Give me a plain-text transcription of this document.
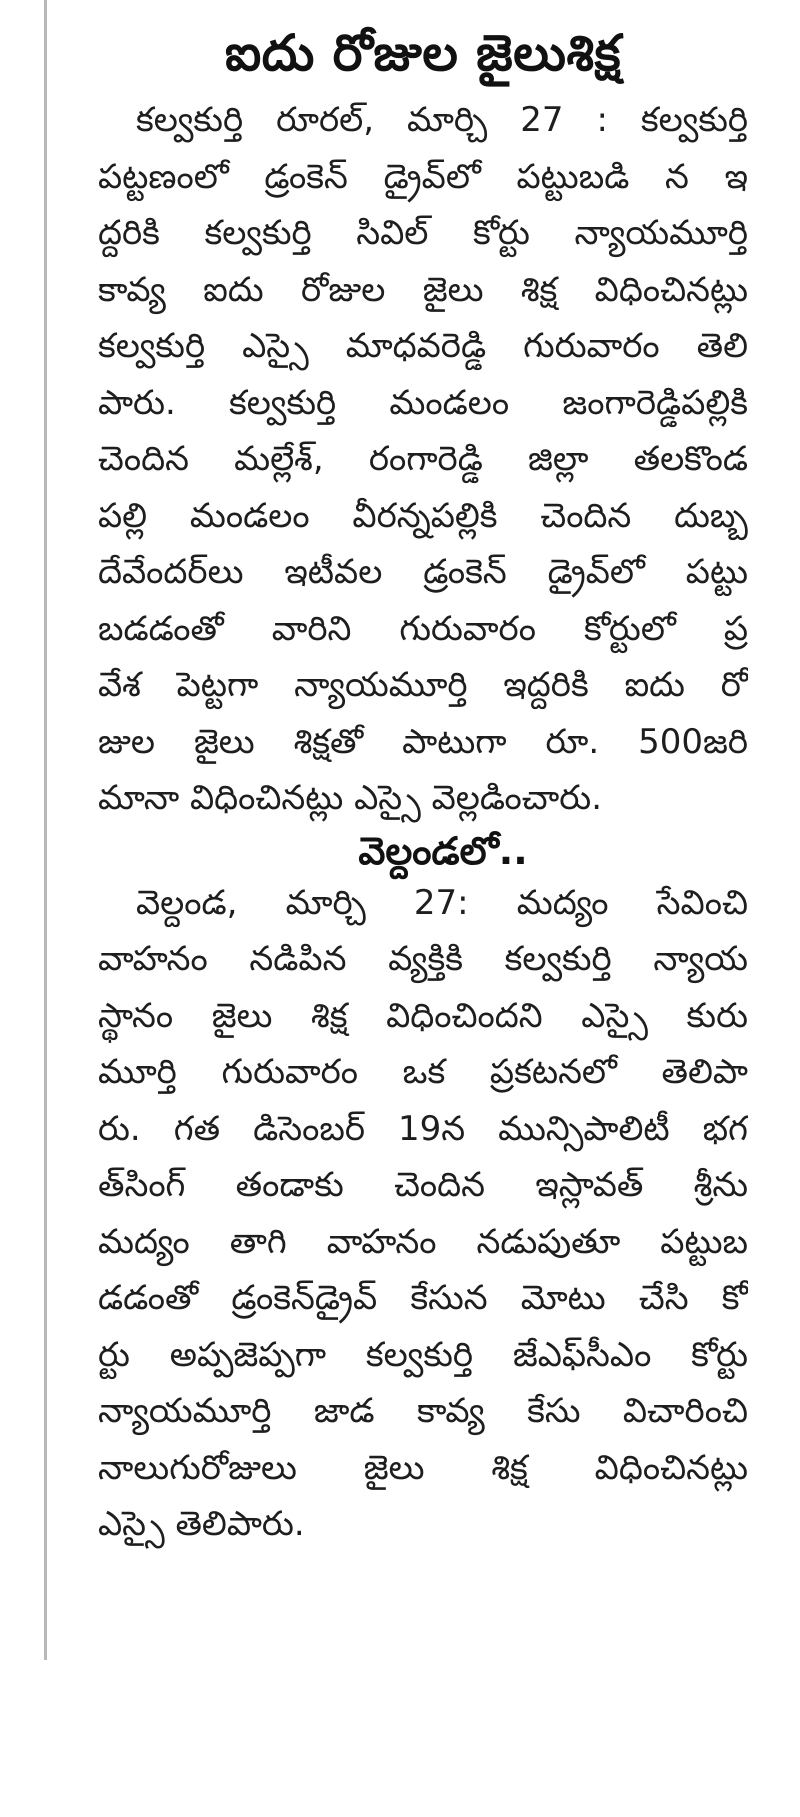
ఐదు రోజుల జైలుశిక్ష
కల్వకుర్తి రూరల్, మార్చి 27 : కల్వకుర్తి
పట్టణంలో డ్రంకెన్ డ్రైవ్‌లో పట్టుబడి న ఇ
ద్దరికి కల్వకుర్తి సివిల్ కోర్టు న్యాయమూర్తి
కావ్య ఐదు రోజుల జైలు శిక్ష విధించినట్లు
కల్వకుర్తి ఎస్సై మాధవరెడ్డి గురువారం తెలి
పారు. కల్వకుర్తి మండలం జంగారెడ్డిపల్లికి
చెందిన మల్లేశ్, రంగారెడ్డి జిల్లా తలకొండ
పల్లి మండలం వీరన్నపల్లికి చెందిన దుబ్బ
దేవేందర్‌లు ఇటీవల డ్రంకెన్ డ్రైవ్‌లో పట్టు
బడడంతో వారిని గురువారం కోర్టులో ప్ర
వేశ పెట్టగా న్యాయమూర్తి ఇద్దరికి ఐదు రో
జుల జైలు శిక్షతో పాటుగా రూ. 500జరి
మానా విధించినట్లు ఎస్సై వెల్లడించారు.
వెల్దండలో..
వెల్దండ, మార్చి 27: మద్యం సేవించి
వాహనం నడిపిన వ్యక్తికి కల్వకుర్తి న్యాయ
స్థానం జైలు శిక్ష విధించిందని ఎస్సై కురు
మూర్తి గురువారం ఒక ప్రకటనలో తెలిపా
రు. గత డిసెంబర్ 19న మున్సిపాలిటీ భగ
త్‌సింగ్ తండాకు చెందిన ఇస్లావత్ శ్రీను
మద్యం తాగి వాహనం నడుపుతూ పట్టుబ
డడంతో డ్రంకెన్‌డ్రైవ్ కేసున మోటు చేసి కో
ర్టు అప్పజెప్పగా కల్వకుర్తి జేఎఫ్‌సీఎం కోర్టు
న్యాయమూర్తి జాడ కావ్య కేసు విచారించి
నాలుగురోజులు జైలు శిక్ష విధించినట్లు
ఎస్సై తెలిపారు.
